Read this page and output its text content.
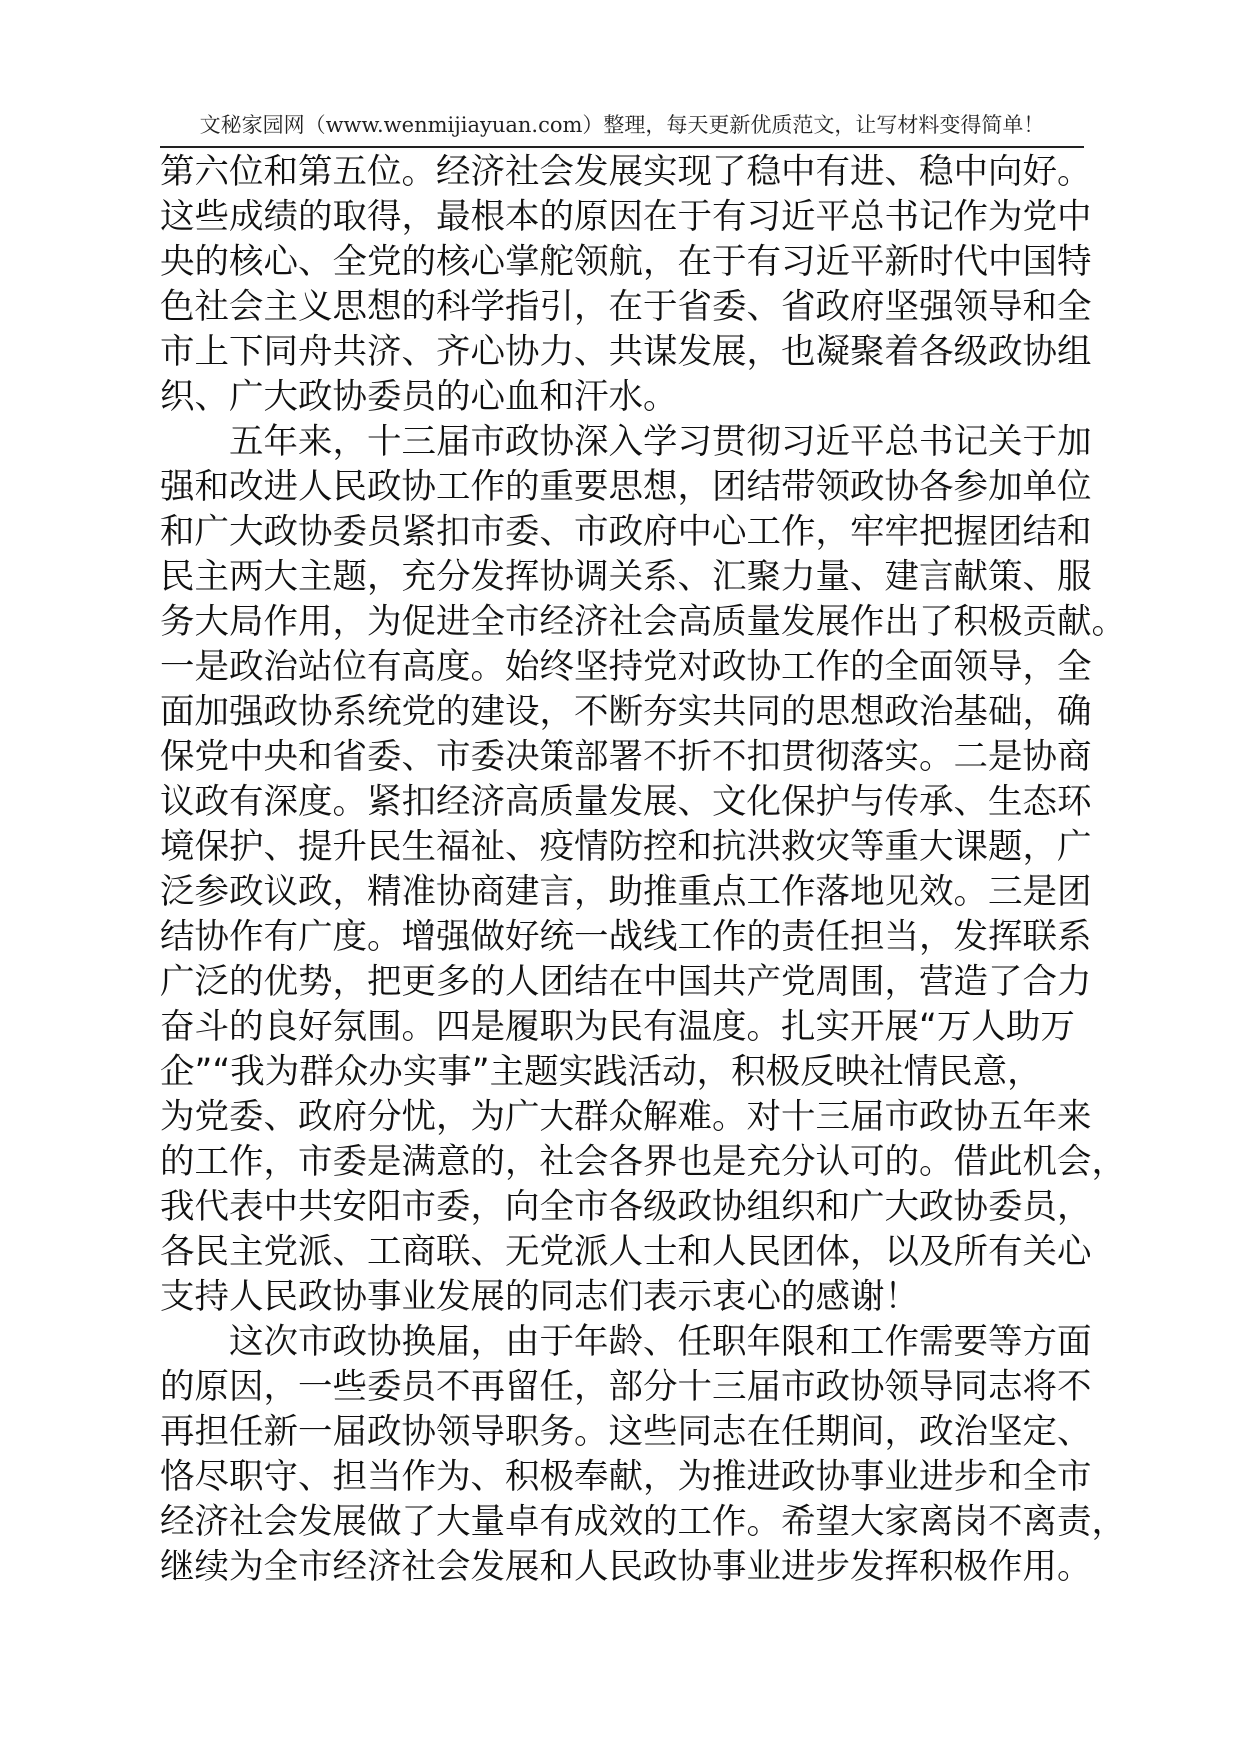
文秘家园网（www.wenmijiayuan.com）整理，每天更新优质范文，让写材料变得简单！
第六位和第五位。经济社会发展实现了稳中有进、稳中向好。
这些成绩的取得，最根本的原因在于有习近平总书记作为党中
央的核心、全党的核心掌舵领航，在于有习近平新时代中国特
色社会主义思想的科学指引，在于省委、省政府坚强领导和全
市上下同舟共济、齐心协力、共谋发展，也凝聚着各级政协组
织、广大政协委员的心血和汗水。
　　五年来，十三届市政协深入学习贯彻习近平总书记关于加
强和改进人民政协工作的重要思想，团结带领政协各参加单位
和广大政协委员紧扣市委、市政府中心工作，牢牢把握团结和
民主两大主题，充分发挥协调关系、汇聚力量、建言献策、服
务大局作用，为促进全市经济社会高质量发展作出了积极贡献。
一是政治站位有高度。始终坚持党对政协工作的全面领导，全
面加强政协系统党的建设，不断夯实共同的思想政治基础，确
保党中央和省委、市委决策部署不折不扣贯彻落实。二是协商
议政有深度。紧扣经济高质量发展、文化保护与传承、生态环
境保护、提升民生福祉、疫情防控和抗洪救灾等重大课题，广
泛参政议政，精准协商建言，助推重点工作落地见效。三是团
结协作有广度。增强做好统一战线工作的责任担当，发挥联系
广泛的优势，把更多的人团结在中国共产党周围，营造了合力
奋斗的良好氛围。四是履职为民有温度。扎实开展“万人助万
企”“我为群众办实事”主题实践活动，积极反映社情民意，
为党委、政府分忧，为广大群众解难。对十三届市政协五年来
的工作，市委是满意的，社会各界也是充分认可的。借此机会，
我代表中共安阳市委，向全市各级政协组织和广大政协委员，
各民主党派、工商联、无党派人士和人民团体，以及所有关心
支持人民政协事业发展的同志们表示衷心的感谢！
　　这次市政协换届，由于年龄、任职年限和工作需要等方面
的原因，一些委员不再留任，部分十三届市政协领导同志将不
再担任新一届政协领导职务。这些同志在任期间，政治坚定、
恪尽职守、担当作为、积极奉献，为推进政协事业进步和全市
经济社会发展做了大量卓有成效的工作。希望大家离岗不离责，
继续为全市经济社会发展和人民政协事业进步发挥积极作用。
